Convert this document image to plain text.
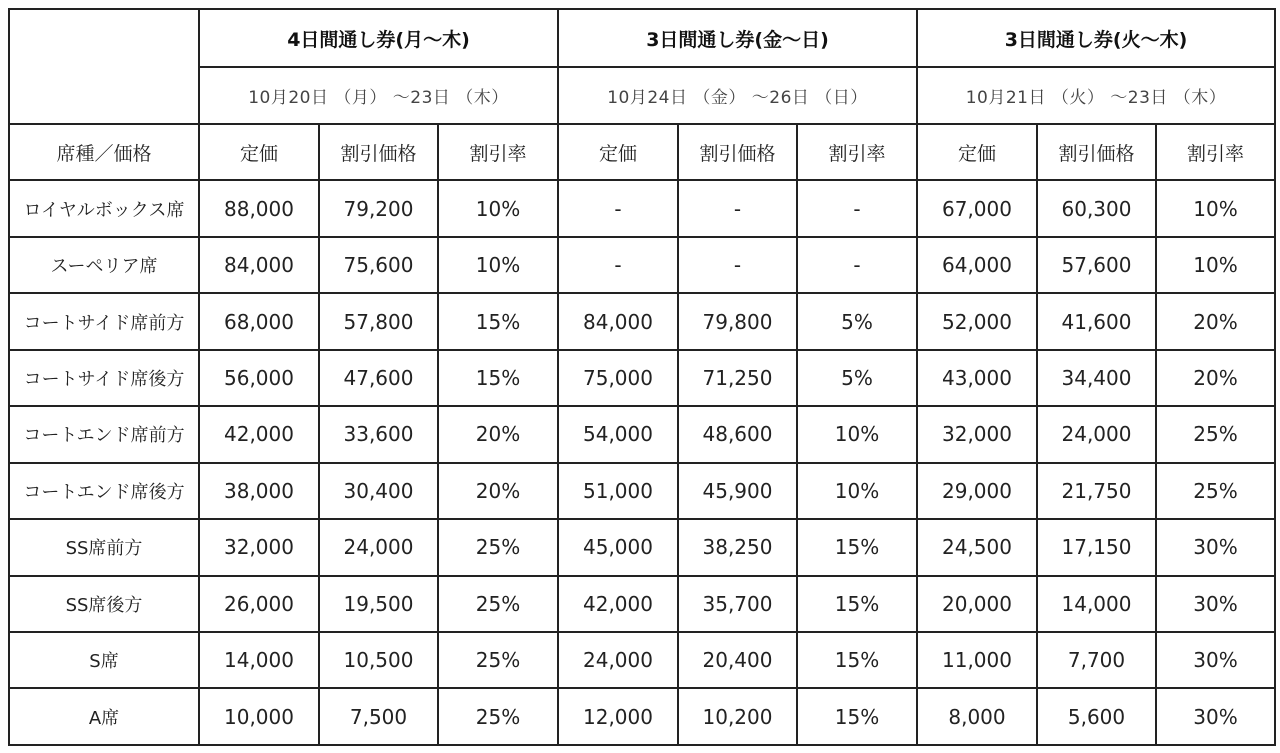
	4日間通し券(月～木)			3日間通し券(金～日)			3日間通し券(火～木)		
	10月20日 （月） ～23日 （木）			10月24日 （金） ～26日 （日）			10月21日 （火） ～23日 （木）		
席種／価格	定価	割引価格	割引率	定価	割引価格	割引率	定価	割引価格	割引率
ロイヤルボックス席	88,000	79,200	10%	-	-	-	67,000	60,300	10%
スーペリア席	84,000	75,600	10%	-	-	-	64,000	57,600	10%
コートサイド席前方	68,000	57,800	15%	84,000	79,800	5%	52,000	41,600	20%
コートサイド席後方	56,000	47,600	15%	75,000	71,250	5%	43,000	34,400	20%
コートエンド席前方	42,000	33,600	20%	54,000	48,600	10%	32,000	24,000	25%
コートエンド席後方	38,000	30,400	20%	51,000	45,900	10%	29,000	21,750	25%
SS席前方	32,000	24,000	25%	45,000	38,250	15%	24,500	17,150	30%
SS席後方	26,000	19,500	25%	42,000	35,700	15%	20,000	14,000	30%
S席	14,000	10,500	25%	24,000	20,400	15%	11,000	7,700	30%
A席	10,000	7,500	25%	12,000	10,200	15%	8,000	5,600	30%
